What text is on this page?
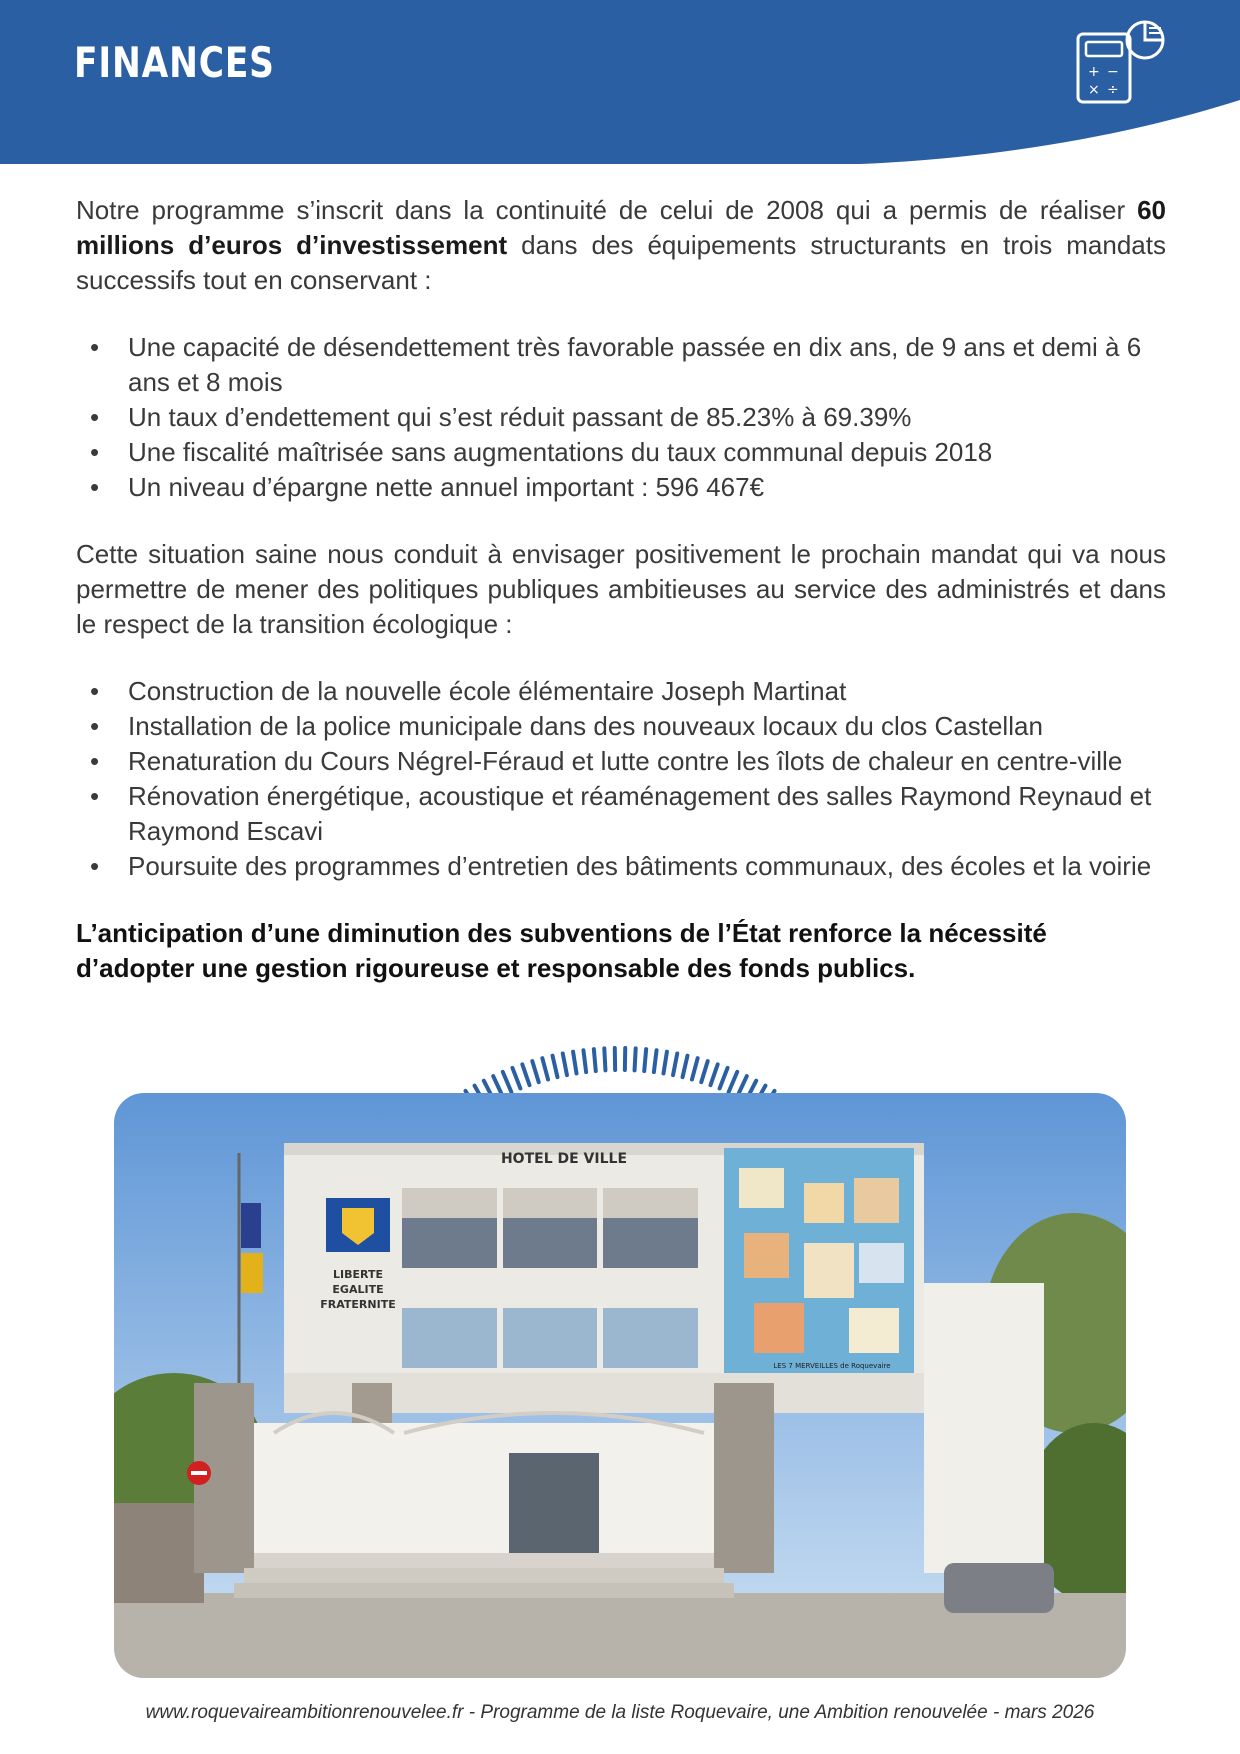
FINANCES	+ −
× ÷

Notre programme s’inscrit dans la continuité de celui de 2008 qui a permis de réaliser 60 millions d’euros d’investissement dans des équipements structurants en trois mandats successifs tout en conservant :

• Une capacité de désendettement très favorable passée en dix ans, de 9 ans et demi à 6 ans et 8 mois
• Un taux d’endettement qui s’est réduit passant de 85.23% à 69.39%
• Une fiscalité maîtrisée sans augmentations du taux communal depuis 2018
• Un niveau d’épargne nette annuel important : 596 467€

Cette situation saine nous conduit à envisager positivement le prochain mandat qui va nous permettre de mener des politiques publiques ambitieuses au service des administrés et dans le respect de la transition écologique :

• Construction de la nouvelle école élémentaire Joseph Martinat
• Installation de la police municipale dans des nouveaux locaux du clos Castellan
• Renaturation du Cours Négrel-Féraud et lutte contre les îlots de chaleur en centre-ville
• Rénovation énergétique, acoustique et réaménagement des salles Raymond Reynaud et Raymond Escavi
• Poursuite des programmes d’entretien des bâtiments communaux, des écoles et la voirie

L’anticipation d’une diminution des subventions de l’État renforce la nécessité d’adopter une gestion rigoureuse et responsable des fonds publics.

HOTEL DE VILLE
LIBERTE
EGALITE
FRATERNITE
LES 7 MERVEILLES de Roquevaire
www.roquevaireambitionrenouvelee.fr - Programme de la liste Roquevaire, une Ambition renouvelée - mars 2026
